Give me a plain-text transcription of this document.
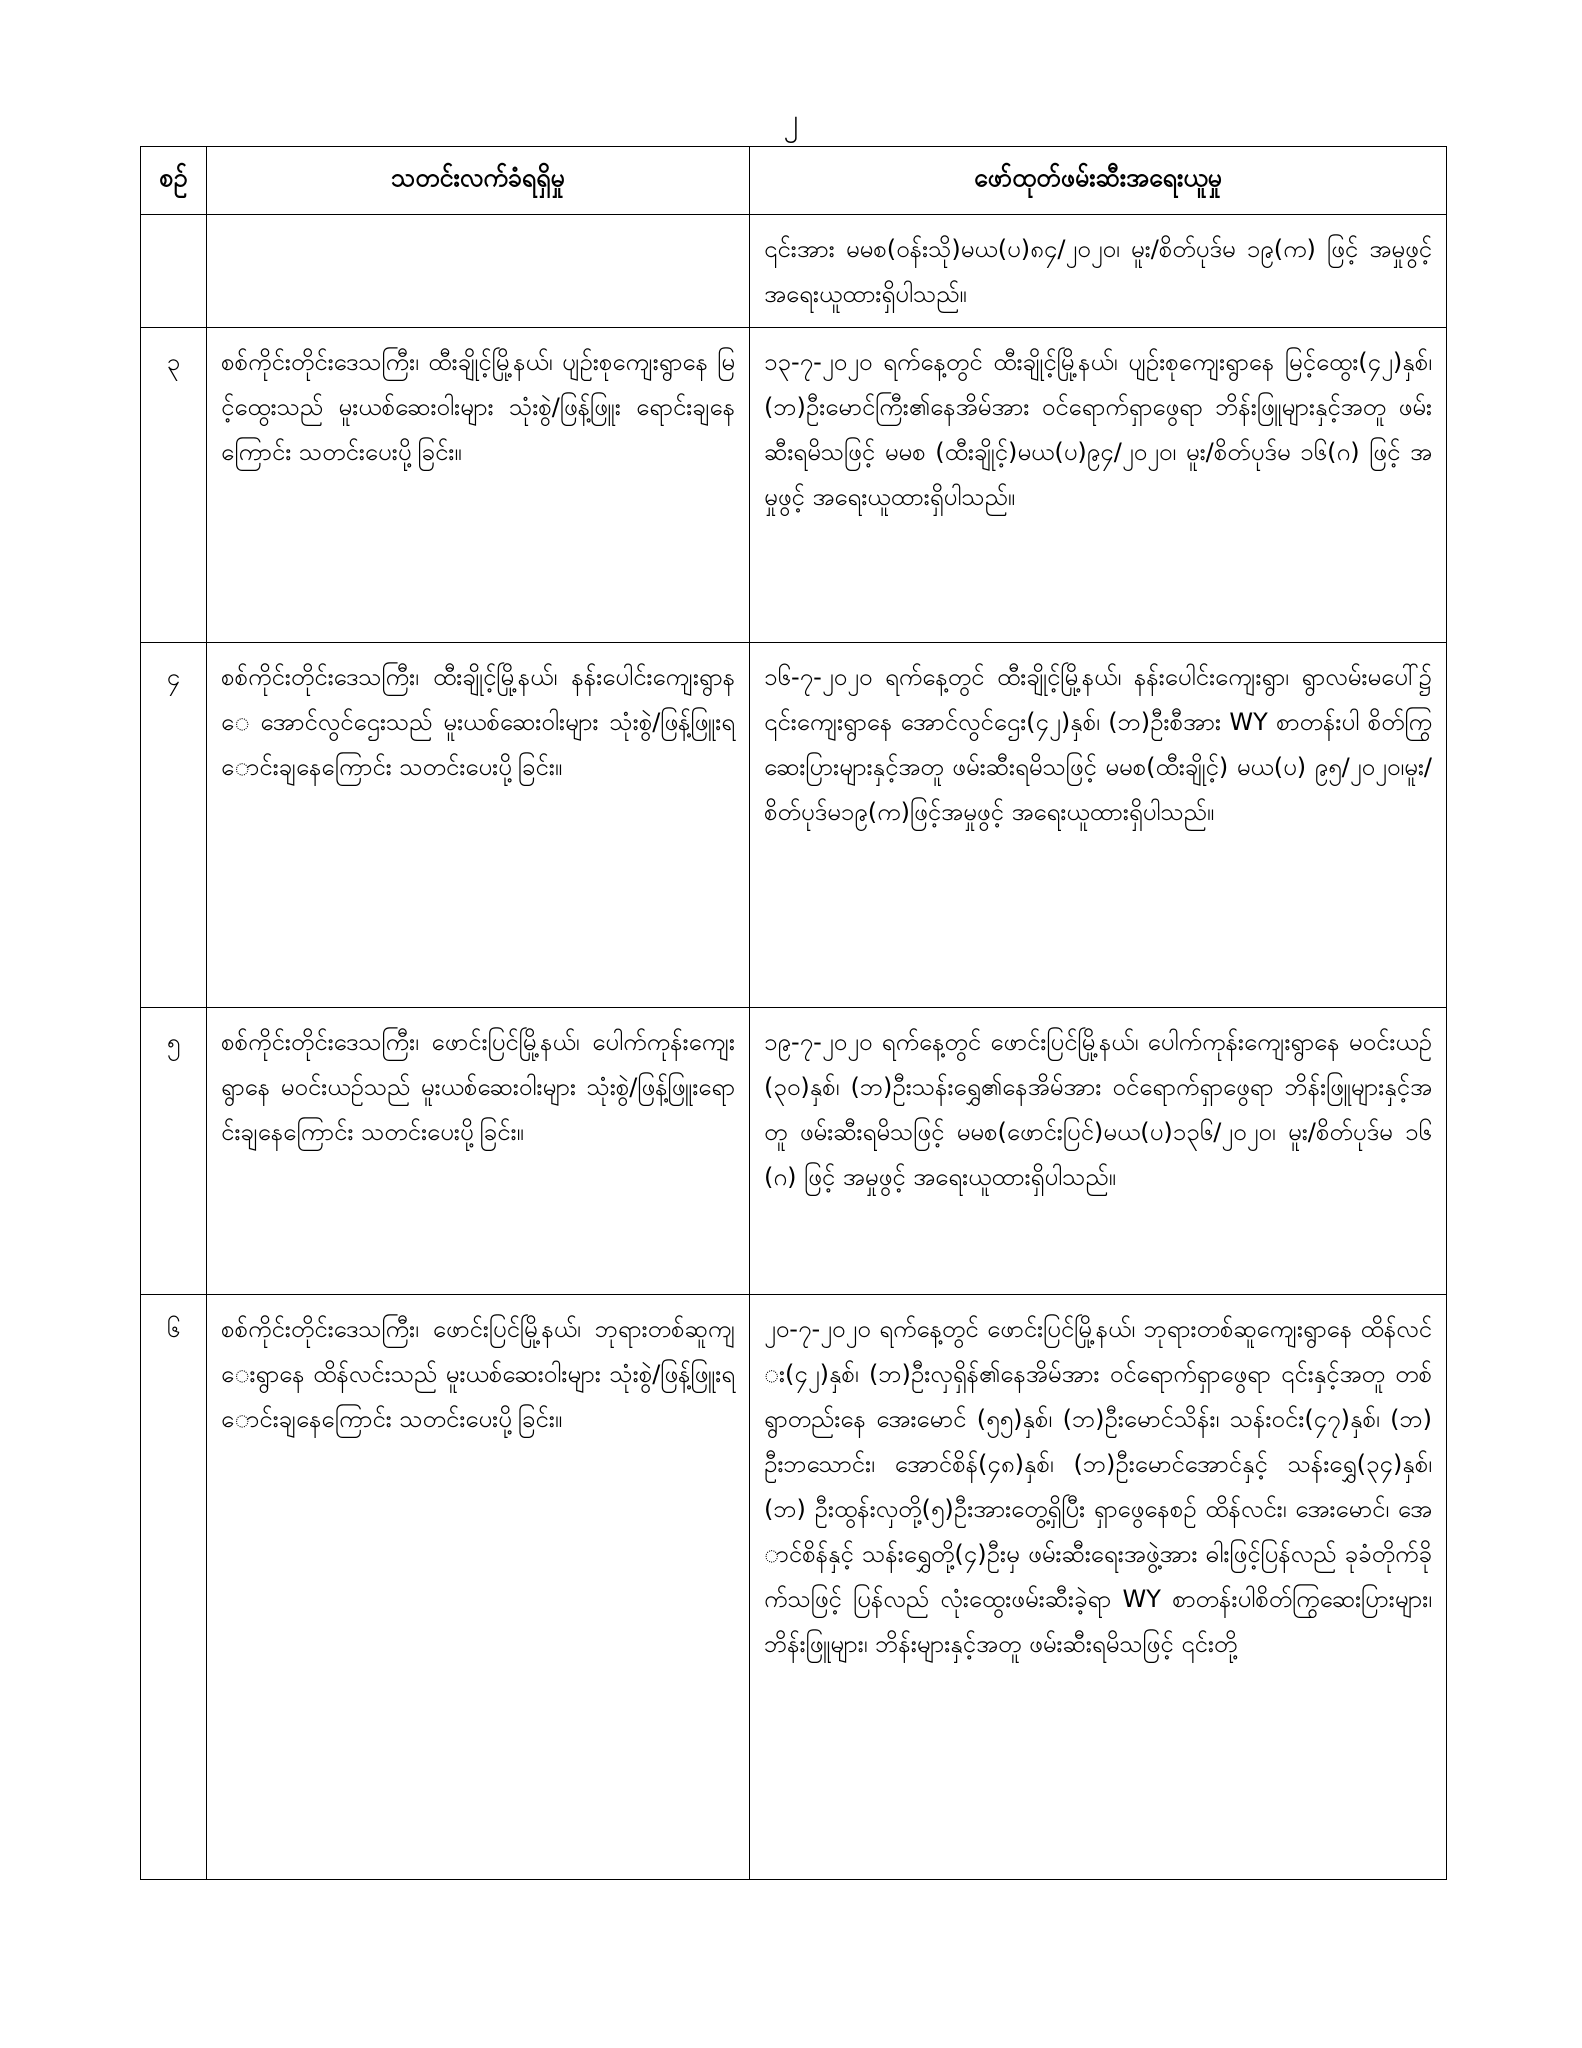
၂
စဉ်	သတင်းလက်ခံရရှိမှု	ဖော်ထုတ်ဖမ်းဆီးအရေးယူမှု
		၎င်းအား မမစ(ဝန်းသို)မယ(ပ)၈၄/၂၀၂၀၊ မူး/စိတ်ပုဒ်မ ၁၉(က) ဖြင့် အမှုဖွင့် အရေးယူထားရှိပါသည်။
၃	စစ်ကိုင်းတိုင်းဒေသကြီး၊ ထီးချိုင့်မြို့နယ်၊ ပျဉ်းစုကျေးရွာနေ မြင့်ထွေးသည် မူးယစ်ဆေးဝါးများ သုံးစွဲ/ဖြန့်ဖြူး ရောင်းချနေကြောင်း သတင်းပေးပို့ခြင်း။	၁၃-၇-၂၀၂၀ ရက်နေ့တွင် ထီးချိုင့်မြို့နယ်၊ ပျဉ်းစုကျေးရွာနေ မြင့်ထွေး(၄၂)နှစ်၊ (ဘ)ဦးမောင်ကြီး၏နေအိမ်အား ဝင်ရောက်ရှာဖွေရာ ဘိန်းဖြူများနှင့်အတူ ဖမ်းဆီးရမိသဖြင့် မမစ (ထီးချိုင့်)မယ(ပ)၉၄/၂၀၂၀၊ မူး/စိတ်ပုဒ်မ ၁၆(ဂ) ဖြင့် အမှုဖွင့် အရေးယူထားရှိပါသည်။
၄	စစ်ကိုင်းတိုင်းဒေသကြီး၊ ထီးချိုင့်မြို့နယ်၊ နန်းပေါင်းကျေးရွာနေ အောင်လွင်ဌေးသည် မူးယစ်ဆေးဝါးများ သုံးစွဲ/ဖြန့်ဖြူးရောင်းချနေကြောင်း သတင်းပေးပို့ခြင်း။	၁၆-၇-၂၀၂၀ ရက်နေ့တွင် ထီးချိုင့်မြို့နယ်၊ နန်းပေါင်းကျေးရွာ၊ ရွာလမ်းမပေါ်၌ ၎င်းကျေးရွာနေ အောင်လွင်ဌေး(၄၂)နှစ်၊ (ဘ)ဦးစီအား WY စာတန်းပါ စိတ်ကြွဆေးပြားများနှင့်အတူ ဖမ်းဆီးရမိသဖြင့် မမစ(ထီးချိုင့်) မယ(ပ) ၉၅/၂၀၂၀၊မူး/စိတ်ပုဒ်မ၁၉(က)ဖြင့်အမှုဖွင့် အရေးယူထားရှိပါသည်။
၅	စစ်ကိုင်းတိုင်းဒေသကြီး၊ ဖောင်းပြင်မြို့နယ်၊ ပေါက်ကုန်းကျေးရွာနေ မဝင်းယဉ်သည် မူးယစ်ဆေးဝါးများ သုံးစွဲ/ဖြန့်ဖြူးရောင်းချနေကြောင်း သတင်းပေးပို့ခြင်း။	၁၉-၇-၂၀၂၀ ရက်နေ့တွင် ဖောင်းပြင်မြို့နယ်၊ ပေါက်ကုန်းကျေးရွာနေ မဝင်းယဉ်(၃၀)နှစ်၊ (ဘ)ဦးသန်းရွှေ၏နေအိမ်အား ဝင်ရောက်ရှာဖွေရာ ဘိန်းဖြူများနှင့်အတူ ဖမ်းဆီးရမိသဖြင့် မမစ(ဖောင်းပြင်)မယ(ပ)၁၃၆/၂၀၂၀၊ မူး/စိတ်ပုဒ်မ ၁၆(ဂ) ဖြင့် အမှုဖွင့် အရေးယူထားရှိပါသည်။
၆	စစ်ကိုင်းတိုင်းဒေသကြီး၊ ဖောင်းပြင်မြို့နယ်၊ ဘုရားတစ်ဆူကျေးရွာနေ ထိန်လင်းသည် မူးယစ်ဆေးဝါးများ သုံးစွဲ/ဖြန့်ဖြူးရောင်းချနေကြောင်း သတင်းပေးပို့ခြင်း။	၂၀-၇-၂၀၂၀ ရက်နေ့တွင် ဖောင်းပြင်မြို့နယ်၊ ဘုရားတစ်ဆူကျေးရွာနေ ထိန်လင်း(၄၂)နှစ်၊ (ဘ)ဦးလှရှိန်၏နေအိမ်အား ဝင်ရောက်ရှာဖွေရာ ၎င်းနှင့်အတူ တစ်ရွာတည်းနေ အေးမောင် (၅၅)နှစ်၊ (ဘ)ဦးမောင်သိန်း၊ သန်းဝင်း(၄၇)နှစ်၊ (ဘ) ဦးဘသောင်း၊ အောင်စိန်(၄၈)နှစ်၊ (ဘ)ဦးမောင်အောင်နှင့် သန်းရွှေ(၃၄)နှစ်၊ (ဘ) ဦးထွန်းလှတို့(၅)ဦးအားတွေ့ရှိပြီး ရှာဖွေနေစဉ် ထိန်လင်း၊ အေးမောင်၊ အောင်စိန်နှင့် သန်းရွှေတို့(၄)ဦးမှ ဖမ်းဆီးရေးအဖွဲ့အား ဓါးဖြင့်ပြန်လည် ခုခံတိုက်ခိုက်သဖြင့် ပြန်လည် လုံးထွေးဖမ်းဆီးခဲ့ရာ WY စာတန်းပါစိတ်ကြွဆေးပြားများ၊ ဘိန်းဖြူများ၊ ဘိန်းများနှင့်အတူ ဖမ်းဆီးရမိသဖြင့် ၎င်းတို့
